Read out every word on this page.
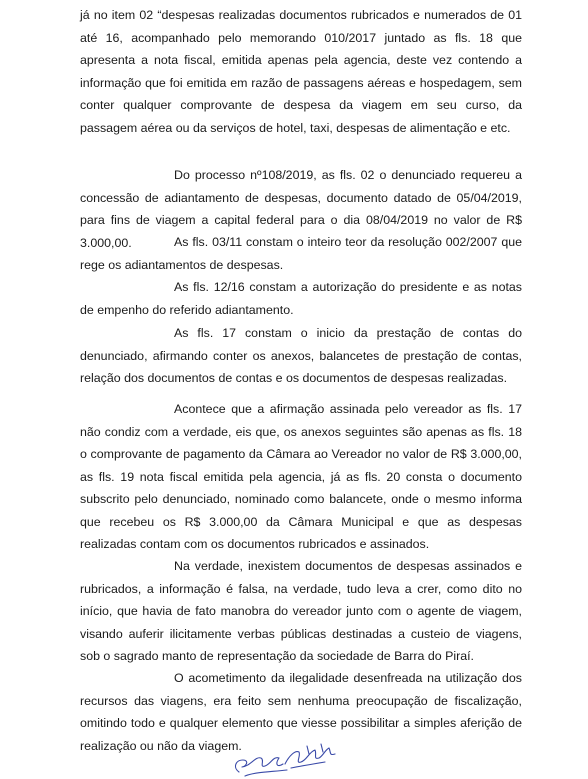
já no item 02 “despesas realizadas documentos rubricados e numerados de 01 até 16, acompanhado pelo memorando 010/2017 juntado as fls. 18 que apresenta a nota fiscal, emitida apenas pela agencia, deste vez contendo a informação que foi emitida em razão de passagens aéreas e hospedagem, sem conter qualquer comprovante de despesa da viagem em seu curso, da passagem aérea ou da serviços de hotel, taxi, despesas de alimentação e etc.

Do processo nº108/2019, as fls. 02 o denunciado requereu a concessão de adiantamento de despesas, documento datado de 05/04/2019, para fins de viagem a capital federal para o dia 08/04/2019 no valor de R$ 3.000,00.	As fls. 03/11 constam o inteiro teor da resolução 002/2007 que rege os adiantamentos de despesas.

As fls. 12/16 constam a autorização do presidente e as notas de empenho do referido adiantamento.

As fls. 17 constam o inicio da prestação de contas do denunciado, afirmando conter os anexos, balancetes de prestação de contas, relação dos documentos de contas e os documentos de despesas realizadas.

Acontece que a afirmação assinada pelo vereador as fls. 17 não condiz com a verdade, eis que, os anexos seguintes são apenas as fls. 18 o comprovante de pagamento da Câmara ao Vereador no valor de R$ 3.000,00, as fls. 19 nota fiscal emitida pela agencia, já as fls. 20 consta o documento subscrito pelo denunciado, nominado como balancete, onde o mesmo informa que recebeu os R$ 3.000,00 da Câmara Municipal e que as despesas realizadas contam com os documentos rubricados e assinados.

Na verdade, inexistem documentos de despesas assinados e rubricados, a informação é falsa, na verdade, tudo leva a crer, como dito no início, que havia de fato manobra do vereador junto com o agente de viagem, visando auferir ilicitamente verbas públicas destinadas a custeio de viagens, sob o sagrado manto de representação da sociedade de Barra do Piraí.

O acometimento da ilegalidade desenfreada na utilização dos recursos das viagens, era feito sem nenhuma preocupação de fiscalização, omitindo todo e qualquer elemento que viesse possibilitar a simples aferição de realização ou não da viagem.
